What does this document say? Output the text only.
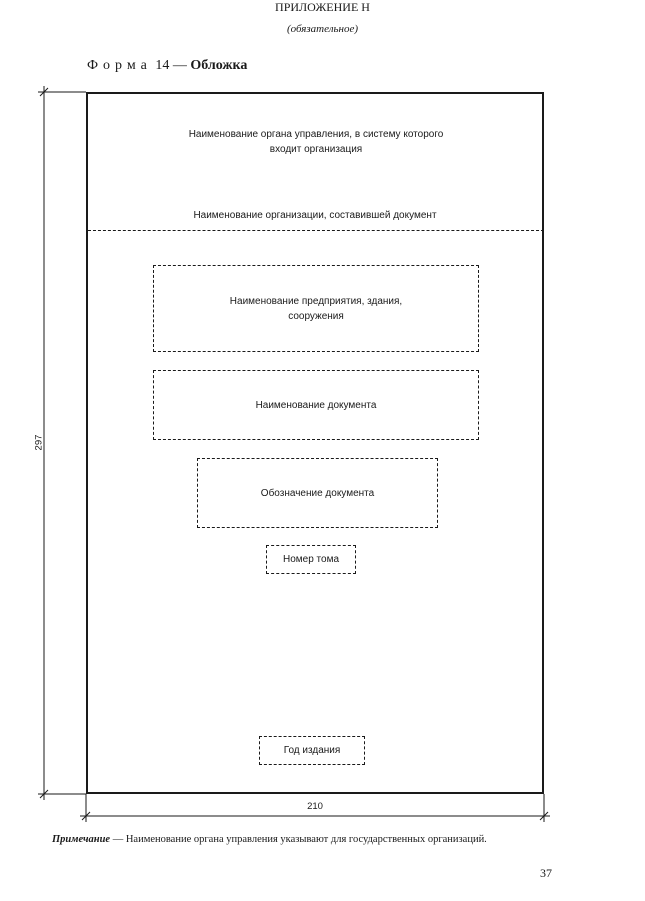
ПРИЛОЖЕНИЕ Н
(обязательное)
Форма 14 — Обложка
297
210
Наименование органа управления, в систему которого входит организация
Наименование организации, составившей документ
Наименование предприятия, здания, сооружения
Наименование документа
Обозначение документа
Номер тома
Год издания
Примечание — Наименование органа управления указывают для государственных организаций.
37
